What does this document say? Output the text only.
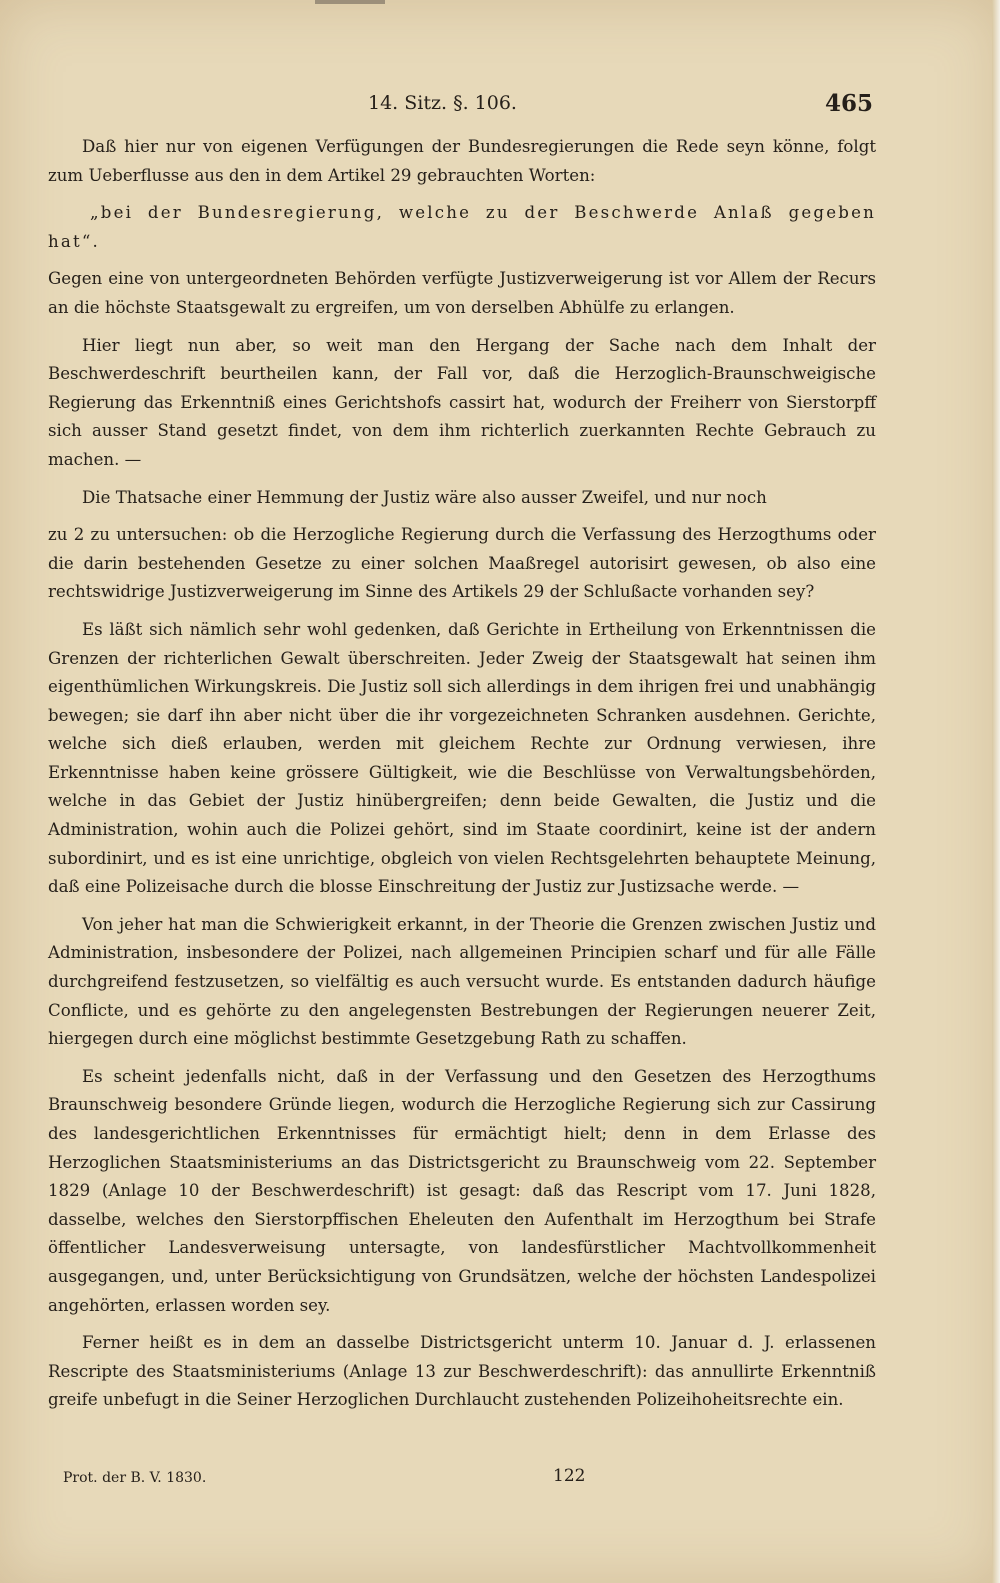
14. Sitz. §. 106.	465

Daß hier nur von eigenen Verfügungen der Bundesregierungen die Rede seyn könne, folgt zum Ueberflusse aus den in dem Artikel 29 gebrauchten Worten:

„bei der Bundesregierung, welche zu der Beschwerde Anlaß gegeben hat“.

Gegen eine von untergeordneten Behörden verfügte Justizverweigerung ist vor Allem der Recurs an die höchste Staatsgewalt zu ergreifen, um von derselben Abhülfe zu erlangen.

Hier liegt nun aber, so weit man den Hergang der Sache nach dem Inhalt der Beschwerdeschrift beurtheilen kann, der Fall vor, daß die Herzoglich-Braunschweigische Regierung das Erkenntniß eines Gerichtshofs cassirt hat, wodurch der Freiherr von Sierstorpff sich ausser Stand gesetzt findet, von dem ihm richterlich zuerkannten Rechte Gebrauch zu machen. —

Die Thatsache einer Hemmung der Justiz wäre also ausser Zweifel, und nur noch

zu 2 zu untersuchen: ob die Herzogliche Regierung durch die Verfassung des Herzogthums oder die darin bestehenden Gesetze zu einer solchen Maaßregel autorisirt gewesen, ob also eine rechtswidrige Justizverweigerung im Sinne des Artikels 29 der Schlußacte vorhanden sey?

Es läßt sich nämlich sehr wohl gedenken, daß Gerichte in Ertheilung von Erkenntnissen die Grenzen der richterlichen Gewalt überschreiten. Jeder Zweig der Staatsgewalt hat seinen ihm eigenthümlichen Wirkungskreis. Die Justiz soll sich allerdings in dem ihrigen frei und unabhängig bewegen; sie darf ihn aber nicht über die ihr vorgezeichneten Schranken ausdehnen. Gerichte, welche sich dieß erlauben, werden mit gleichem Rechte zur Ordnung verwiesen, ihre Erkenntnisse haben keine grössere Gültigkeit, wie die Beschlüsse von Verwaltungsbehörden, welche in das Gebiet der Justiz hinübergreifen; denn beide Gewalten, die Justiz und die Administration, wohin auch die Polizei gehört, sind im Staate coordinirt, keine ist der andern subordinirt, und es ist eine unrichtige, obgleich von vielen Rechtsgelehrten behauptete Meinung, daß eine Polizeisache durch die blosse Einschreitung der Justiz zur Justizsache werde. —

Von jeher hat man die Schwierigkeit erkannt, in der Theorie die Grenzen zwischen Justiz und Administration, insbesondere der Polizei, nach allgemeinen Principien scharf und für alle Fälle durchgreifend festzusetzen, so vielfältig es auch versucht wurde. Es entstanden dadurch häufige Conflicte, und es gehörte zu den angelegensten Bestrebungen der Regierungen neuerer Zeit, hiergegen durch eine möglichst bestimmte Gesetzgebung Rath zu schaffen.

Es scheint jedenfalls nicht, daß in der Verfassung und den Gesetzen des Herzogthums Braunschweig besondere Gründe liegen, wodurch die Herzogliche Regierung sich zur Cassirung des landesgerichtlichen Erkenntnisses für ermächtigt hielt; denn in dem Erlasse des Herzoglichen Staatsministeriums an das Districtsgericht zu Braunschweig vom 22. September 1829 (Anlage 10 der Beschwerdeschrift) ist gesagt: daß das Rescript vom 17. Juni 1828, dasselbe, welches den Sierstorpffischen Eheleuten den Aufenthalt im Herzogthum bei Strafe öffentlicher Landesverweisung untersagte, von landesfürstlicher Machtvollkommenheit ausgegangen, und, unter Berücksichtigung von Grundsätzen, welche der höchsten Landespolizei angehörten, erlassen worden sey.

Ferner heißt es in dem an dasselbe Districtsgericht unterm 10. Januar d. J. erlassenen Rescripte des Staatsministeriums (Anlage 13 zur Beschwerdeschrift): das annullirte Erkenntniß greife unbefugt in die Seiner Herzoglichen Durchlaucht zustehenden Polizeihoheitsrechte ein.

Prot. der B. V. 1830.	122
